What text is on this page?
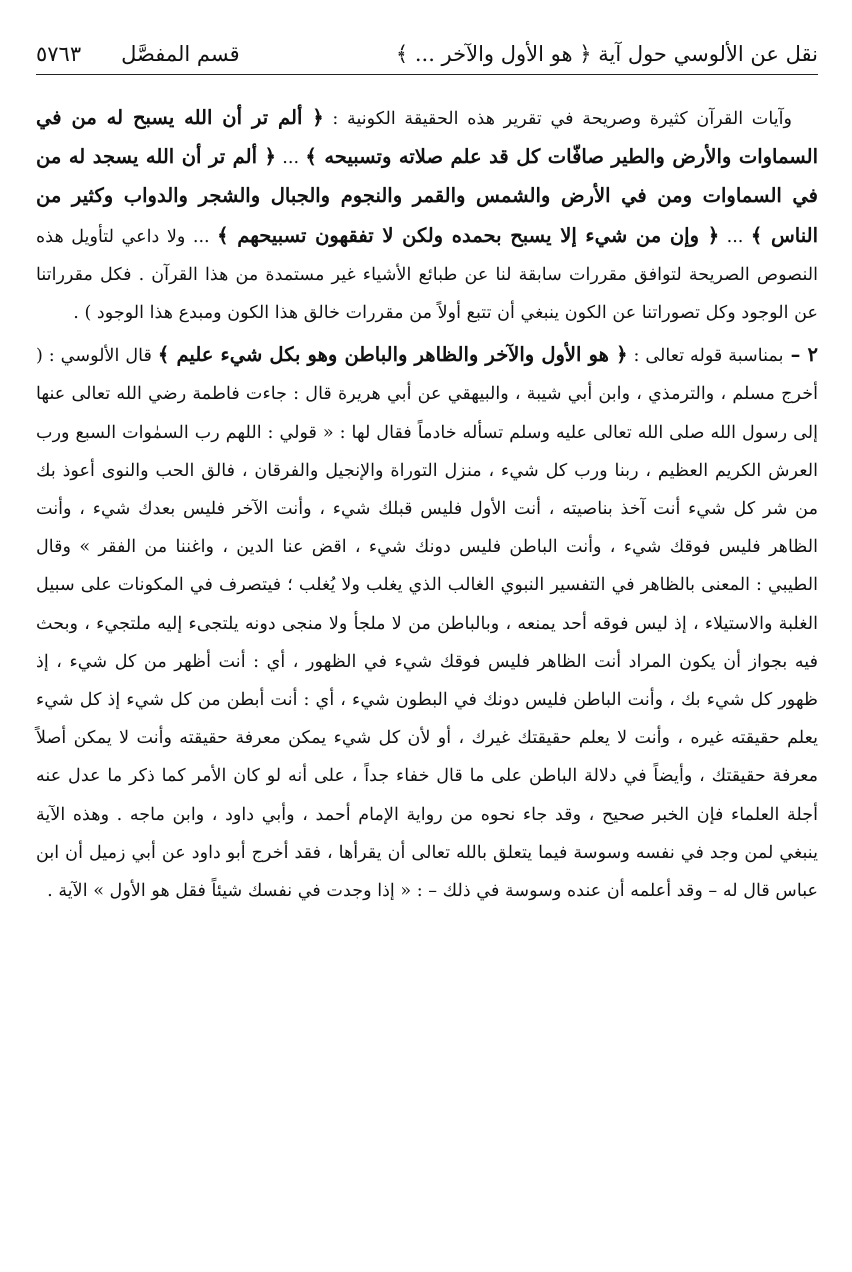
نقل عن الألوسي حول آية ﴿ هو الأول والآخر ... ﴾
قسم المفصَّل
٥٧٦٣

وآيات القرآن كثيرة وصريحة في تقرير هذه الحقيقة الكونية : ﴿ ألم تر أن الله يسبح له من في السماوات والأرض والطير صافّات كل قد علم صلاته وتسبيحه ﴾ ... ﴿ ألم تر أن الله يسجد له من في السماوات ومن في الأرض والشمس والقمر والنجوم والجبال والشجر والدواب وكثير من الناس ﴾ ... ﴿ وإن من شيء إلا يسبح بحمده ولكن لا تفقهون تسبيحهم ﴾ ... ولا داعي لتأويل هذه النصوص الصريحة لتوافق مقررات سابقة لنا عن طبائع الأشياء غير مستمدة من هذا القرآن . فكل مقرراتنا عن الوجود وكل تصوراتنا عن الكون ينبغي أن تتبع أولاً من مقررات خالق هذا الكون ومبدع هذا الوجود ) .

٢ – بمناسبة قوله تعالى : ﴿ هو الأول والآخر والظاهر والباطن وهو بكل شيء عليم ﴾ قال الألوسي : ( أخرج مسلم ، والترمذي ، وابن أبي شيبة ، والبيهقي عن أبي هريرة قال : جاءت فاطمة رضي الله تعالى عنها إلى رسول الله صلى الله تعالى عليه وسلم تسأله خادماً فقال لها : « قولي : اللهم رب السمٰوات السبع ورب العرش الكريم العظيم ، ربنا ورب كل شيء ، منزل التوراة والإنجيل والفرقان ، فالق الحب والنوى أعوذ بك من شر كل شيء أنت آخذ بناصيته ، أنت الأول فليس قبلك شيء ، وأنت الآخر فليس بعدك شيء ، وأنت الظاهر فليس فوقك شيء ، وأنت الباطن فليس دونك شيء ، اقض عنا الدين ، واغننا من الفقر » وقال الطيبي : المعنى بالظاهر في التفسير النبوي الغالب الذي يغلب ولا يُغلب ؛ فيتصرف في المكونات على سبيل الغلبة والاستيلاء ، إذ ليس فوقه أحد يمنعه ، وبالباطن من لا ملجأ ولا منجى دونه يلتجىء إليه ملتجيء ، وبحث فيه بجواز أن يكون المراد أنت الظاهر فليس فوقك شيء في الظهور ، أي : أنت أظهر من كل شيء ، إذ ظهور كل شيء بك ، وأنت الباطن فليس دونك في البطون شيء ، أي : أنت أبطن من كل شيء إذ كل شيء يعلم حقيقته غيره ، وأنت لا يعلم حقيقتك غيرك ، أو لأن كل شيء يمكن معرفة حقيقته وأنت لا يمكن أصلاً معرفة حقيقتك ، وأيضاً في دلالة الباطن على ما قال خفاء جداً ، على أنه لو كان الأمر كما ذكر ما عدل عنه أجلة العلماء فإن الخبر صحيح ، وقد جاء نحوه من رواية الإمام أحمد ، وأبي داود ، وابن ماجه . وهذه الآية ينبغي لمن وجد في نفسه وسوسة فيما يتعلق بالله تعالى أن يقرأها ، فقد أخرج أبو داود عن أبي زميل أن ابن عباس قال له – وقد أعلمه أن عنده وسوسة في ذلك – : « إذا وجدت في نفسك شيئاً فقل هو الأول » الآية .
